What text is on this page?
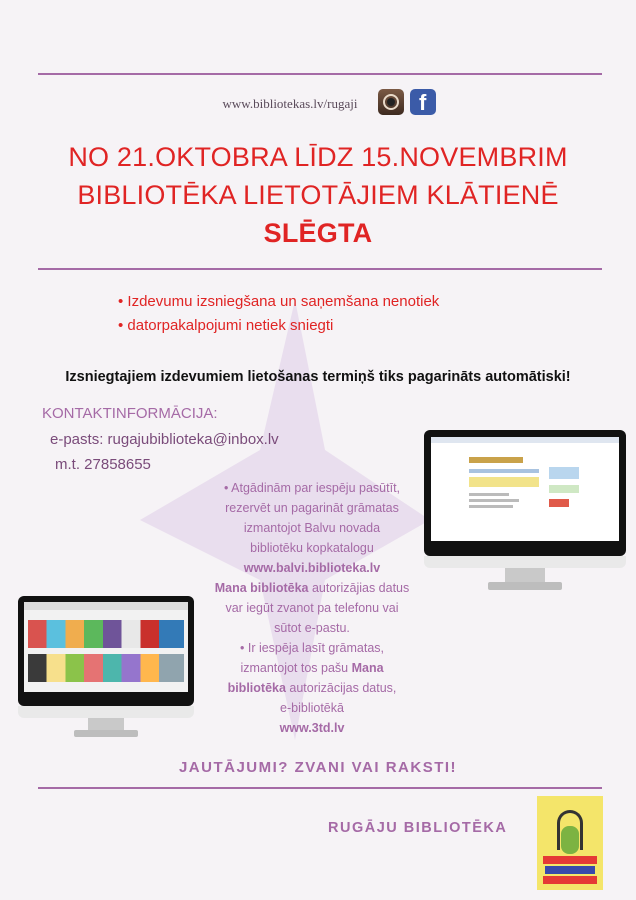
www.bibliotekas.lv/rugaji	f
NO 21.OKTOBRA LĪDZ 15.NOVEMBRIM
BIBLIOTĒKA LIETOTĀJIEM KLĀTIENĒ
SLĒGTA
• Izdevumu izsniegšana un saņemšana nenotiek
• datorpakalpojumi netiek sniegti
Izsniegtajiem izdevumiem lietošanas termiņš tiks pagarināts automātiski!
KONTAKTINFORMĀCIJA:
e-pasts: rugajubiblioteka@inbox.lv
m.t. 27858655
• Atgādinām par iespēju pasūtīt,
rezervēt un pagarināt grāmatas
izmantojot Balvu novada
bibliotēku kopkatalogu
www.balvi.biblioteka.lv
Mana bibliotēka autorizājias datus
var iegūt zvanot pa telefonu vai
sūtot e-pastu.
• Ir iespēja lasīt grāmatas,
izmantojot tos pašu Mana
bibliotēka autorizācijas datus,
e-bibliotēkā
www.3td.lv
JAUTĀJUMI? ZVANI VAI RAKSTI!
RUGĀJU BIBLIOTĒKA
